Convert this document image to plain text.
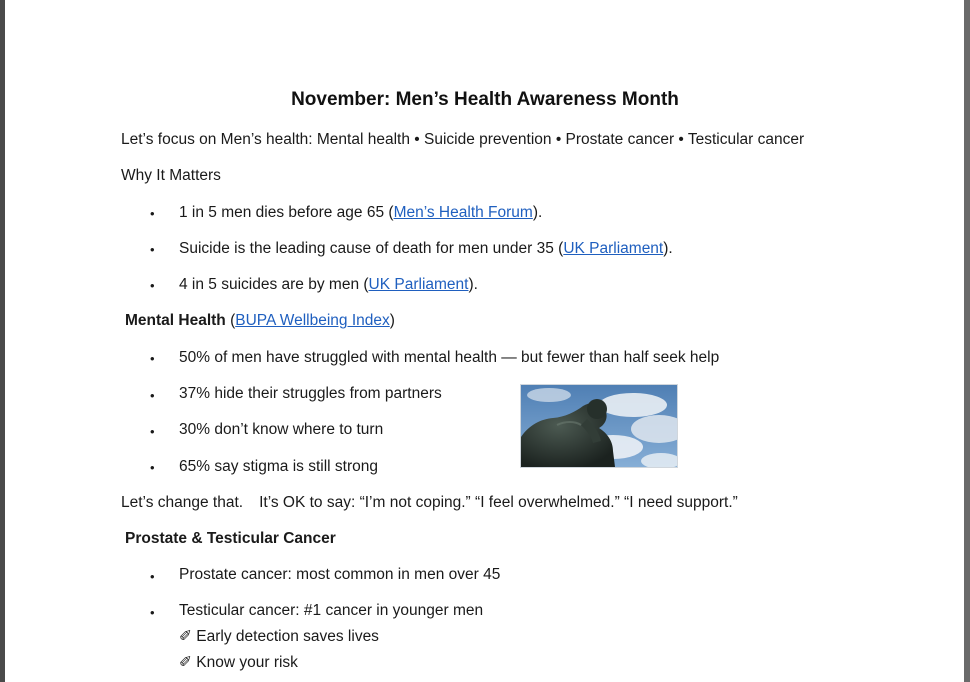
November: Men’s Health Awareness Month
Let’s focus on Men’s health: Mental health • Suicide prevention • Prostate cancer • Testicular cancer
Why It Matters
• 1 in 5 men dies before age 65 (Men’s Health Forum).
• Suicide is the leading cause of death for men under 35 (UK Parliament).
• 4 in 5 suicides are by men (UK Parliament).
Mental Health (BUPA Wellbeing Index)
• 50% of men have struggled with mental health — but fewer than half seek help
• 37% hide their struggles from partners
• 30% don’t know where to turn
• 65% say stigma is still strong
Let’s change that. It’s OK to say: “I’m not coping.” “I feel overwhelmed.” “I need support.”
Prostate & Testicular Cancer
• Prostate cancer: most common in men over 45
• Testicular cancer: #1 cancer in younger men
✐ Early detection saves lives
✐ Know your risk
